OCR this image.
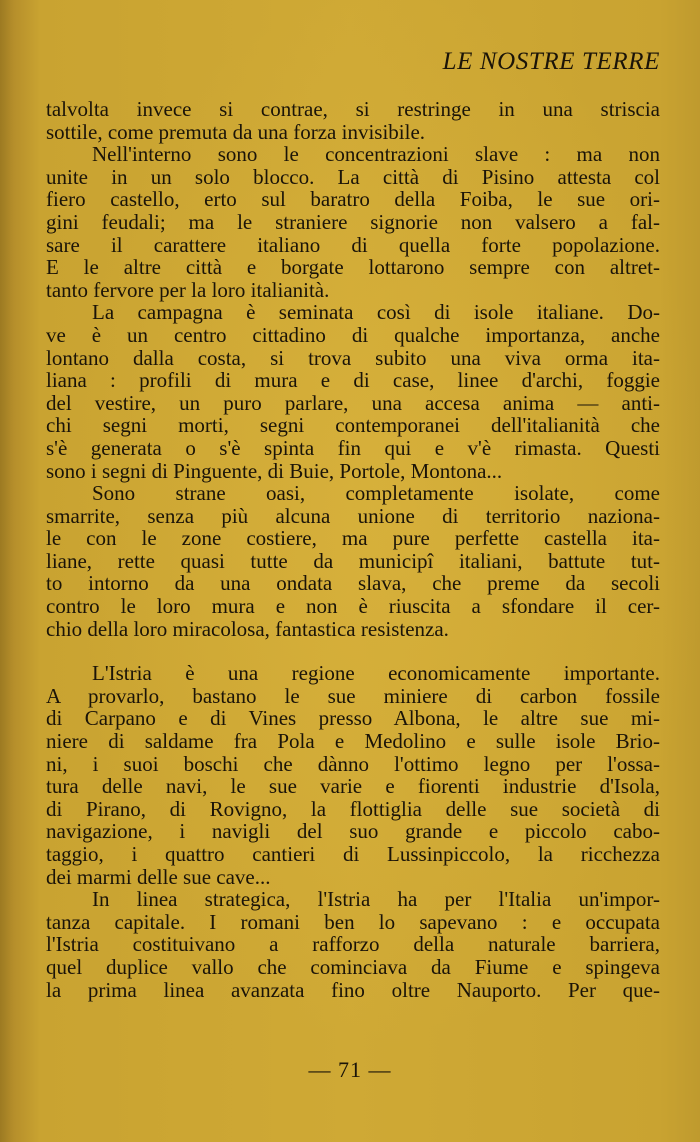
LE NOSTRE TERRE
talvolta invece si contrae, si restringe in una striscia
sottile, come premuta da una forza invisibile.
Nell'interno sono le concentrazioni slave : ma non
unite in un solo blocco. La città di Pisino attesta col
fiero castello, erto sul baratro della Foiba, le sue ori-
gini feudali; ma le straniere signorie non valsero a fal-
sare il carattere italiano di quella forte popolazione.
E le altre città e borgate lottarono sempre con altret-
tanto fervore per la loro italianità.
La campagna è seminata così di isole italiane. Do-
ve è un centro cittadino di qualche importanza, anche
lontano dalla costa, si trova subito una viva orma ita-
liana : profili di mura e di case, linee d'archi, foggie
del vestire, un puro parlare, una accesa anima — anti-
chi segni morti, segni contemporanei dell'italianità che
s'è generata o s'è spinta fin qui e v'è rimasta. Questi
sono i segni di Pinguente, di Buie, Portole, Montona...
Sono strane oasi, completamente isolate, come
smarrite, senza più alcuna unione di territorio naziona-
le con le zone costiere, ma pure perfette castella ita-
liane, rette quasi tutte da municipî italiani, battute tut-
to intorno da una ondata slava, che preme da secoli
contro le loro mura e non è riuscita a sfondare il cer-
chio della loro miracolosa, fantastica resistenza.
L'Istria è una regione economicamente importante.
A provarlo, bastano le sue miniere di carbon fossile
di Carpano e di Vines presso Albona, le altre sue mi-
niere di saldame fra Pola e Medolino e sulle isole Brio-
ni, i suoi boschi che dànno l'ottimo legno per l'ossa-
tura delle navi, le sue varie e fiorenti industrie d'Isola,
di Pirano, di Rovigno, la flottiglia delle sue società di
navigazione, i navigli del suo grande e piccolo cabo-
taggio, i quattro cantieri di Lussinpiccolo, la ricchezza
dei marmi delle sue cave...
In linea strategica, l'Istria ha per l'Italia un'impor-
tanza capitale. I romani ben lo sapevano : e occupata
l'Istria costituivano a rafforzo della naturale barriera,
quel duplice vallo che cominciava da Fiume e spingeva
la prima linea avanzata fino oltre Nauporto. Per que-
— 71 —
